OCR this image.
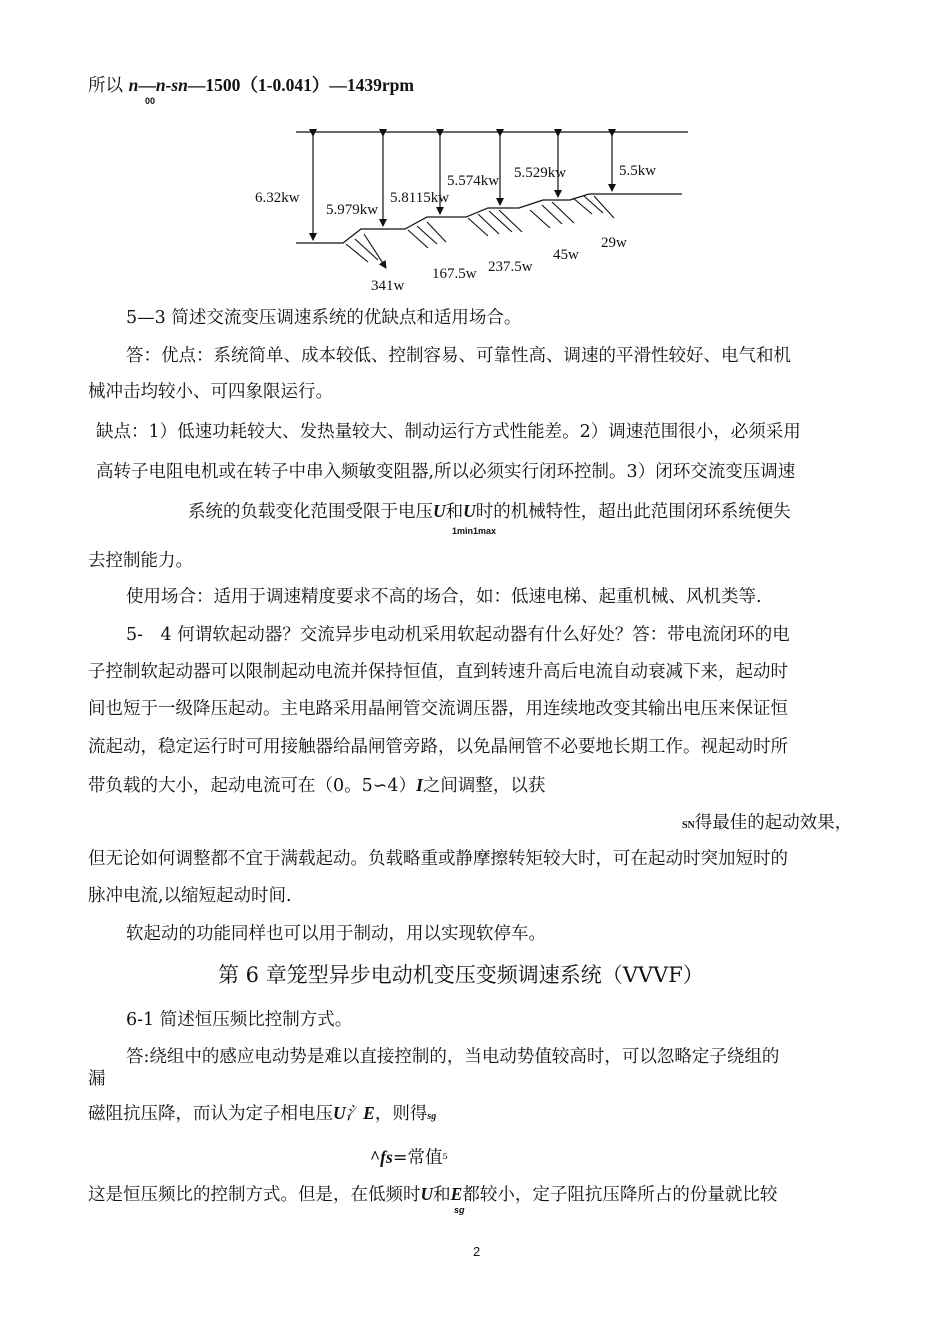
所以 n—n-sn—1500（1-0.041）—1439rpm
00
6.32kw
5.979kw
5.8115kw
5.574kw 5.529kw	5.5kw
341w
167.5w 237.5w
45w
29w
5—3 简述交流变压调速系统的优缺点和适用场合。
答：优点：系统简单、成本较低、控制容易、可靠性高、调速的平滑性较好、电气和机
械冲击均较小、可四象限运行。
缺点：1）低速功耗较大、发热量较大、制动运行方式性能差。2）调速范围很小，必须采用
高转子电阻电机或在转子中串入频敏变阻器,所以必须实行闭环控制。3）闭环交流变压调速
系统的负载变化范围受限于电压U和U时的机械特性，超出此范围闭环系统便失
1min1max
去控制能力。
使用场合：适用于调速精度要求不高的场合，如：低速电梯、起重机械、风机类等.
5-　4 何谓软起动器？交流异步电动机采用软起动器有什么好处？答：带电流闭环的电
子控制软起动器可以限制起动电流并保持恒值，直到转速升高后电流自动衰减下来，起动时
间也短于一级降压起动。主电路采用晶闸管交流调压器，用连续地改变其输出电压来保证恒
流起动，稳定运行时可用接触器给晶闸管旁路，以免晶闸管不必要地长期工作。视起动时所
带负载的大小，起动电流可在（0。5∽4）I之间调整，以获
SN得最佳的起动效果，
但无论如何调整都不宜于满载起动。负载略重或静摩擦转矩较大时，可在起动时突加短时的
脉冲电流,以缩短起动时间.
软起动的功能同样也可以用于制动，用以实现软停车。
第 6 章笼型异步电动机变压变频调速系统（VVVF）
6-1 简述恒压频比控制方式。
答:绕组中的感应电动势是难以直接控制的，当电动势值较高时，可以忽略定子绕组的
漏
磁阻抗压降，而认为定子相电压U氵E，则得sg
^fs=常值⁵
这是恒压频比的控制方式。但是，在低频时U和E都较小，定子阻抗压降所占的份量就比较
sg
2
